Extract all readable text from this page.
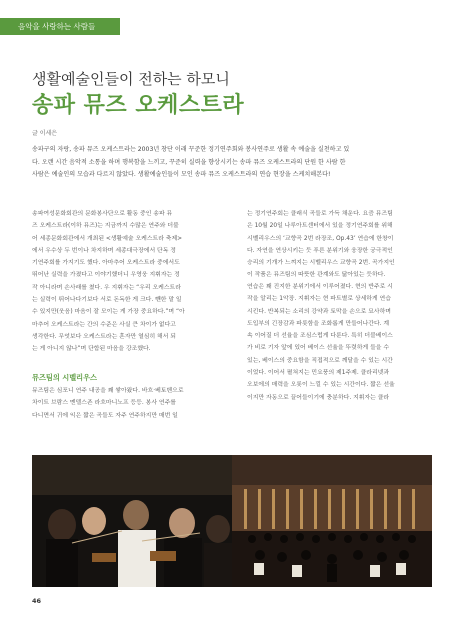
음악을 사랑하는 사람들
생활예술인들이 전하는 하모니
송파 뮤즈 오케스트라
글 이세은

송파구의 자랑, 송파 뮤즈 오케스트라는 2003년 창단 이래 꾸준한 정기연주회와 봉사연주로 생활 속 예술을 실천하고 있

다. 오랜 시간 음악적 소통을 하며 행복함을 느끼고, 꾸준히 실력을 향상시키는 송파 뮤즈 오케스트라의 단원 한 사람 한

사람은 예술인의 모습과 다르지 않았다. 생활예술인들이 모인 송파 뮤즈 오케스트라의 연습 현장을 스케치해본다!

송파여성문화회관의 문화봉사단으로 활동 중인 송파 뮤

즈 오케스트라(이하 뮤즈)는 지금까지 수많은 연주와 더불

어 세종문화회관에서 개최된 <생활예술 오케스트라 축제>

에서 우수상 두 번이나 차지하며 세종대극장에서 단독 정

기연주회를 가지기도 했다. 아마추어 오케스트라 중에서도

뛰어난 실력을 가졌다고 이야기했더니 우영웅 지휘자는 정

작 아니라며 손사래를 쳤다. 우 지휘자는 “우리 오케스트라

는 실력이 뛰어나다기보다 서로 돈독한 게 크다. 뺀한 말 일

수 있지만(웃음) 마음이 잘 모이는 게 가장 중요하다.”며 “아

마추어 오케스트라는 간의 수준은 사실 큰 차이가 없다고

생각한다. 무엇보다 오케스트라는 혼자만 열심히 해서 되

는 게 아니지 않나”며 단합된 마음을 강조했다.

뮤즈팀의 시벨리우스

뮤즈팀은 심포니 연주 내공을 꽤 쌓아왔다. 바흐·베토벤으로

차이트 브람스 멘델스존 라흐마니노프 등등. 봉사 연주를

다니면서 귀에 익은 짧은 곡들도 자주 연주하지만 매번 일

는 정기연주회는 클래식 곡들로 가득 채운다. 요즘 뮤즈팀

은 10월 20일 나루아트센터에서 있을 정기연주회를 위해

시벨리우스의 ‘교향곡 2번 라장조, Op.43’ 연습에 한창이

다. 자연을 연상시키는 듯 푸른 분위기와 웅장한 궁극적인

승리의 기개가 느껴지는 시벨리우스 교향곡 2번. 곡가지인

이 작품은 뮤즈팀의 따뜻한 관계와도 닮아있는 듯하다.

연습은 꽤 진지한 분위기에서 이루어졌다. 현의 반주로 시

작을 알리는 1악장. 지휘자는 현 파트별로 상세하게 연습

시킨다. 반복되는 소리의 강약과 토막을 손으로 묘사하며

도입부의 긴장감과 파릇함을 조화롭게 만들어나간다. 계

속 이어질 더 선율을 조심스럽게 다룬다. 특히 더블베이스

가 비로 기자 앞에 있어 베이스 선율을 뚜렷하게 들을 수

있는, 베이스의 중요함을 직접적으로 깨달을 수 있는 시간

이었다. 이어서 펼쳐지는 민요풍의 제1주제. 클라리넷과

오보에의 매력을 오롯이 느낄 수 있는 시간이다. 짧은 선율

이지만 자동으로 끌어들이기에 충분하다. 지휘자는 클라

46
